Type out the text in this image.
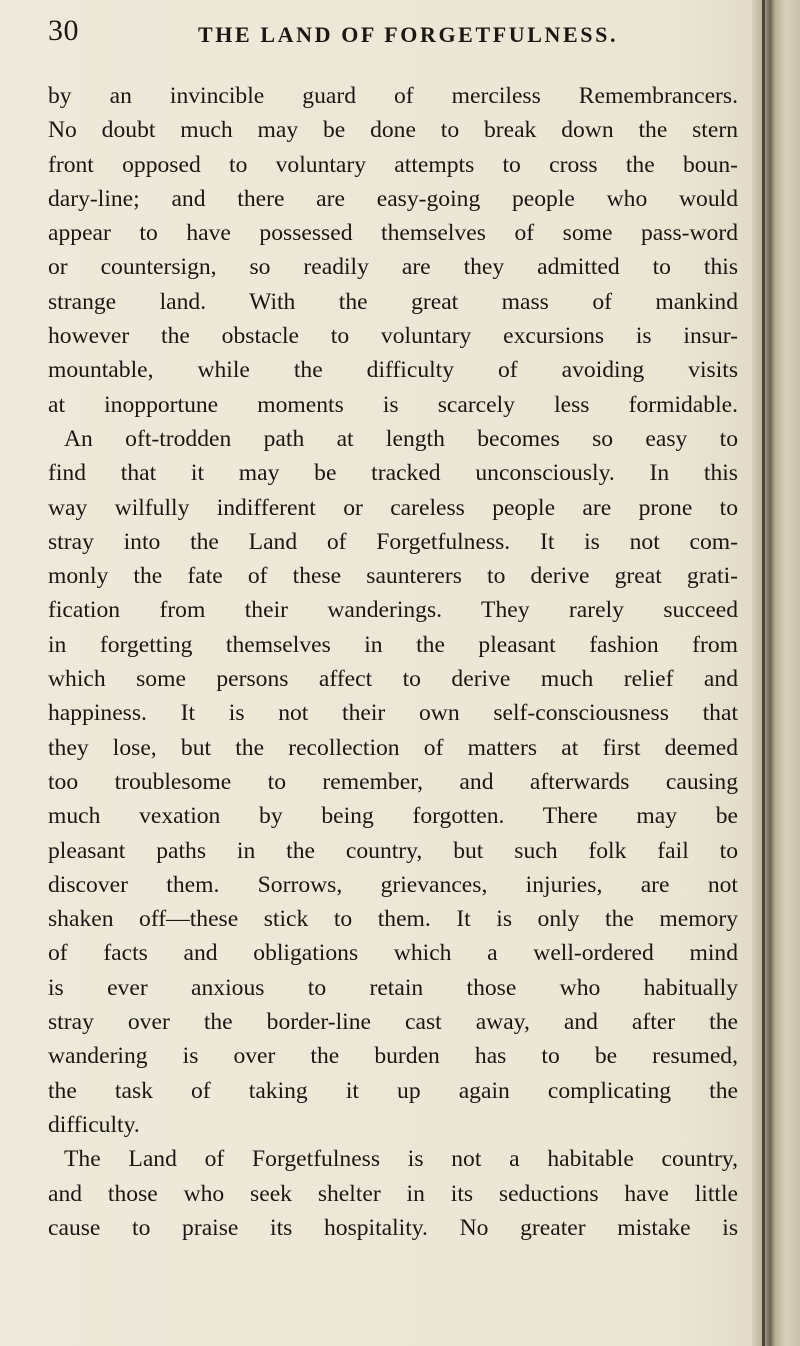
30	THE LAND OF FORGETFULNESS.
by an invincible guard of merciless Remembrancers.
No doubt much may be done to break down the stern
front opposed to voluntary attempts to cross the boun-
dary-line; and there are easy-going people who would
appear to have possessed themselves of some pass-word
or countersign, so readily are they admitted to this
strange land. With the great mass of mankind
however the obstacle to voluntary excursions is insur-
mountable, while the difficulty of avoiding visits
at inopportune moments is scarcely less formidable.
An oft-trodden path at length becomes so easy to
find that it may be tracked unconsciously. In this
way wilfully indifferent or careless people are prone to
stray into the Land of Forgetfulness. It is not com-
monly the fate of these saunterers to derive great grati-
fication from their wanderings. They rarely succeed
in forgetting themselves in the pleasant fashion from
which some persons affect to derive much relief and
happiness. It is not their own self-consciousness that
they lose, but the recollection of matters at first deemed
too troublesome to remember, and afterwards causing
much vexation by being forgotten. There may be
pleasant paths in the country, but such folk fail to
discover them. Sorrows, grievances, injuries, are not
shaken off—these stick to them. It is only the memory
of facts and obligations which a well-ordered mind
is ever anxious to retain those who habitually
stray over the border-line cast away, and after the
wandering is over the burden has to be resumed,
the task of taking it up again complicating the
difficulty.
The Land of Forgetfulness is not a habitable country,
and those who seek shelter in its seductions have little
cause to praise its hospitality. No greater mistake is
